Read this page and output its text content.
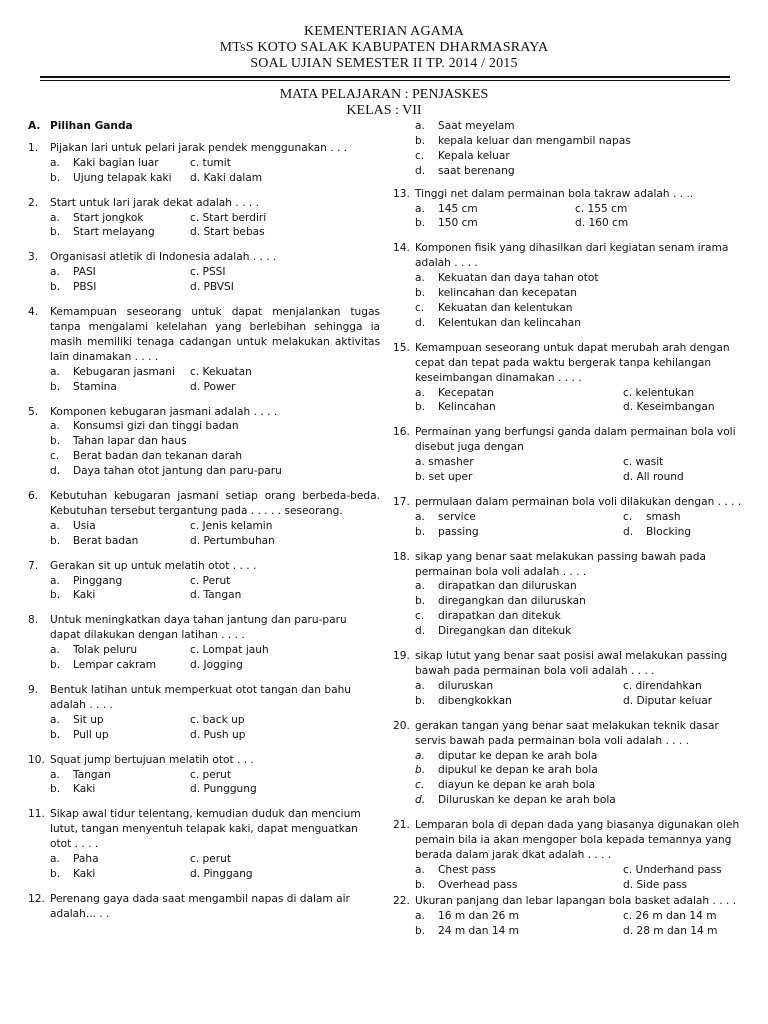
KEMENTERIAN AGAMA
MTsS KOTO SALAK KABUPATEN DHARMASRAYA
SOAL UJIAN SEMESTER II TP. 2014 / 2015
MATA PELAJARAN : PENJASKES
KELAS : VII
A. Pilihan Ganda
1.	Pijakan lari untuk pelari jarak pendek menggunakan . . .
a.	Kaki bagian luar	c. tumit
b.	Ujung telapak kaki d. Kaki dalam
2.	Start untuk lari jarak dekat adalah . . . .
a.	Start jongkok	c. Start berdiri
b.	Start melayang	d. Start bebas
3.	Organisasi atletik di Indonesia adalah . . . .
a.	PASI	c. PSSI
b.	PBSI	d. PBVSI
4.	Kemampuan seseorang untuk dapat menjalankan tugas tanpa mengalami kelelahan yang berlebihan sehingga ia masih memiliki tenaga cadangan untuk melakukan aktivitas lain dinamakan . . . .
a.	Kebugaran jasmani c. Kekuatan
b.	Stamina	d. Power
5.	Komponen kebugaran jasmani adalah . . . .
a.	Konsumsi gizi dan tinggi badan
b.	Tahan lapar dan haus
c.	Berat badan dan tekanan darah
d.	Daya tahan otot jantung dan paru-paru
6.	Kebutuhan kebugaran jasmani setiap orang berbeda-beda. Kebutuhan tersebut tergantung pada . . . . . seseorang.
a.	Usia	c. Jenis kelamin
b.	Berat badan	d. Pertumbuhan
7.	Gerakan sit up untuk melatih otot . . . .
a.	Pinggang	c. Perut
b.	Kaki	d. Tangan
8.	Untuk meningkatkan daya tahan jantung dan paru-paru dapat dilakukan dengan latihan . . . .
a.	Tolak peluru	c. Lompat jauh
b.	Lempar cakram	d. Jogging
9.	Bentuk latihan untuk memperkuat otot tangan dan bahu adalah . . . .
a.	Sit up	c. back up
b.	Pull up	d. Push up
10. Squat jump bertujuan melatih otot . . .
a.	Tangan	c. perut
b.	Kaki	d. Punggung
11. Sikap awal tidur telentang, kemudian duduk dan mencium lutut, tangan menyentuh telapak kaki, dapat menguatkan otot . . . .
a.	Paha	c. perut
b.	Kaki	d. Pinggang
12. Perenang gaya dada saat mengambil napas di dalam air adalah... . .
a.	Saat meyelam
b.	kepala keluar dan mengambil napas
c.	Kepala keluar
d.	saat berenang
13. Tinggi net dalam permainan bola takraw adalah . . ..
a.	145 cm	c. 155 cm
b.	150 cm	d. 160 cm
14. Komponen fisik yang dihasilkan dari kegiatan senam irama adalah . . . .
a.	Kekuatan dan daya tahan otot
b.	kelincahan dan kecepatan
c.	Kekuatan dan kelentukan
d.	Kelentukan dan kelincahan
15. Kemampuan seseorang untuk dapat merubah arah dengan cepat dan tepat pada waktu bergerak tanpa kehilangan keseimbangan dinamakan . . . .
a.	Kecepatan	c. kelentukan
b.	Kelincahan	d. Keseimbangan
16. Permainan yang berfungsi ganda dalam permainan bola voli disebut juga dengan
a. smasher	c. wasit
b. set uper	d. All round
17. permulaan dalam permainan bola voli dilakukan dengan . . . .
a.	service	c.	smash
b.	passing	d.	Blocking
18. sikap yang benar saat melakukan passing bawah pada permainan bola voli adalah . . . .
a.	dirapatkan dan diluruskan
b.	diregangkan dan diluruskan
c.	dirapatkan dan ditekuk
d.	Diregangkan dan ditekuk
19. sikap lutut yang benar saat posisi awal melakukan passing bawah pada permainan bola voli adalah . . . .
a.	diluruskan	c. direndahkan
b.	dibengkokkan	d. Diputar keluar
20. gerakan tangan yang benar saat melakukan teknik dasar servis bawah pada permainan bola voli adalah . . . .
a.	diputar ke depan ke arah bola
b.	dipukul ke depan ke arah bola
c.	diayun ke depan ke arah bola
d.	Diluruskan ke depan ke arah bola
21. Lemparan bola di depan dada yang biasanya digunakan oleh pemain bila ia akan mengoper bola kepada temannya yang berada dalam jarak dkat adalah . . . .
a.	Chest pass	c. Underhand pass
b.	Overhead pass	d. Side pass
22. Ukuran panjang dan lebar lapangan bola basket adalah . . . .
a.	16 m dan 26 m	c. 26 m dan 14 m
b.	24 m dan 14 m	d. 28 m dan 14 m
